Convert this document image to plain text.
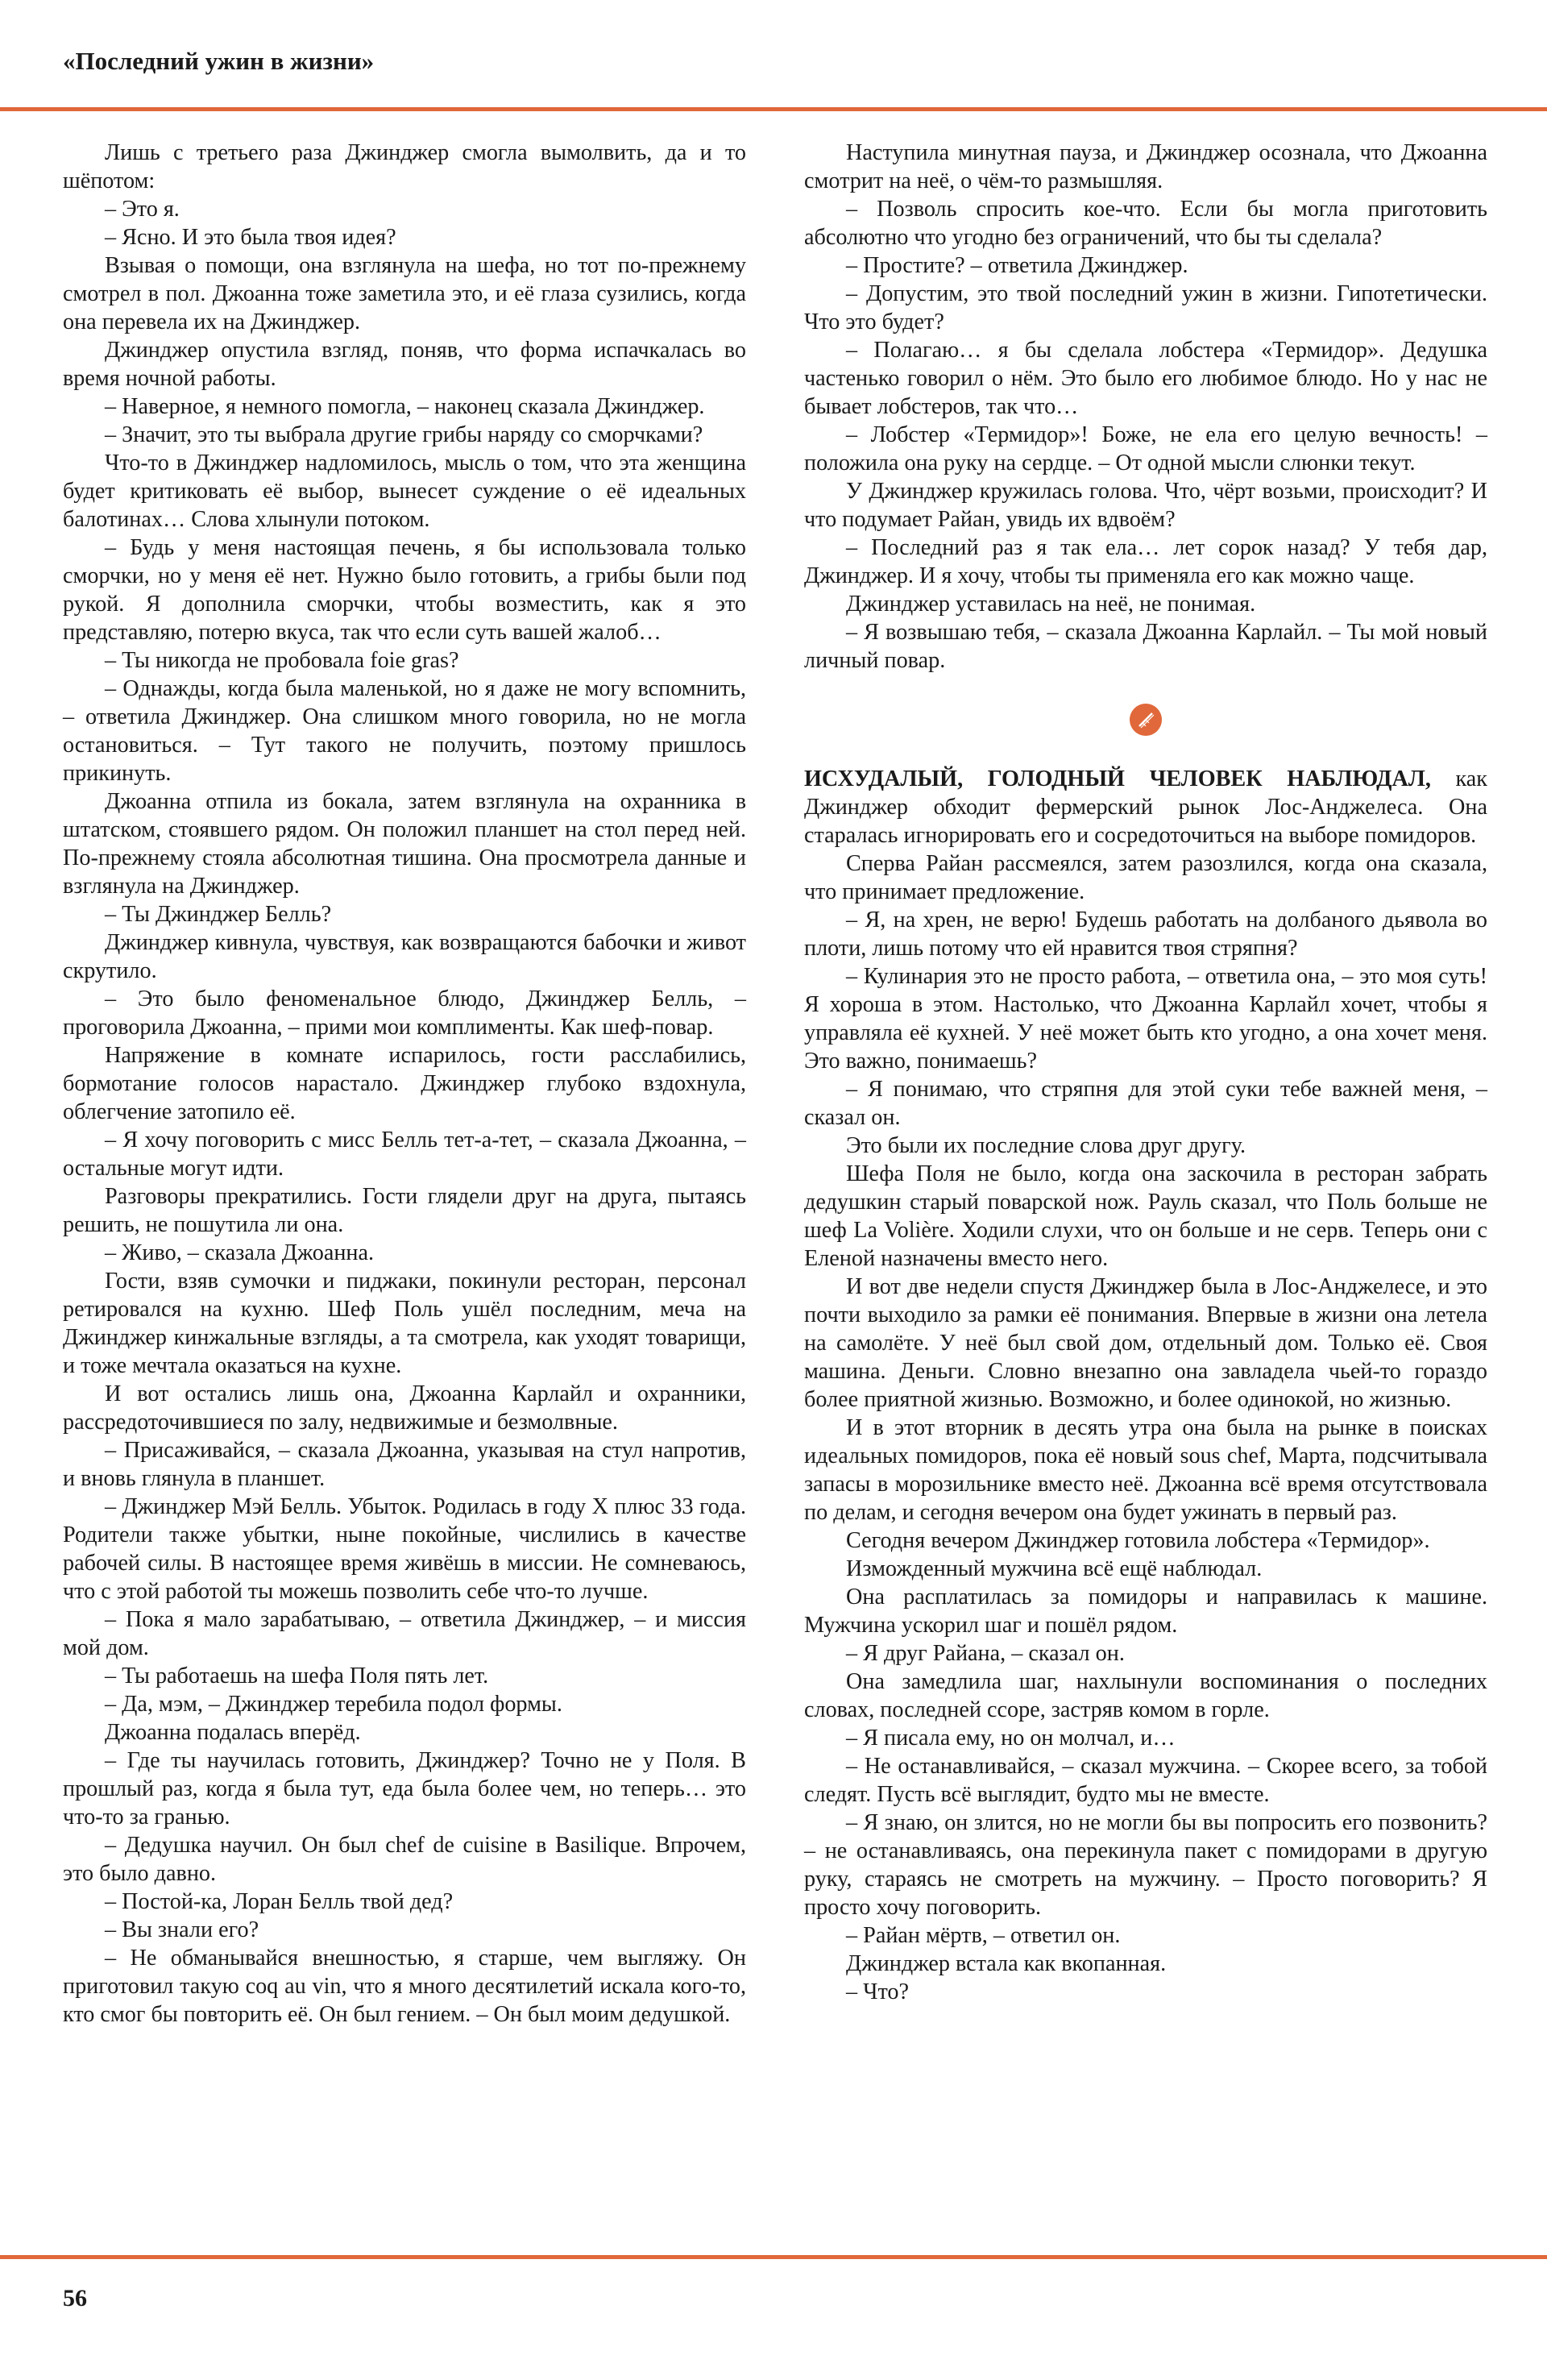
«Последний ужин в жизни»

Лишь с третьего раза Джинджер смогла вымолвить, да и то шёпотом:

– Это я.

– Ясно. И это была твоя идея?

Взывая о помощи, она взглянула на шефа, но тот по-прежнему смотрел в пол. Джоанна тоже заметила это, и её глаза сузились, когда она перевела их на Джинджер.

Джинджер опустила взгляд, поняв, что форма испачкалась во время ночной работы.

– Наверное, я немного помогла, – наконец сказала Джинджер.

– Значит, это ты выбрала другие грибы наряду со сморчками?

Что-то в Джинджер надломилось, мысль о том, что эта женщина будет критиковать её выбор, вынесет суждение о её идеальных балотинах… Слова хлынули потоком.

– Будь у меня настоящая печень, я бы использовала только сморчки, но у меня её нет. Нужно было готовить, а грибы были под рукой. Я дополнила сморчки, чтобы возместить, как я это представляю, потерю вкуса, так что если суть вашей жалоб…

– Ты никогда не пробовала foie gras?

– Однажды, когда была маленькой, но я даже не могу вспомнить, – ответила Джинджер. Она слишком много говорила, но не могла остановиться. – Тут такого не получить, поэтому пришлось прикинуть.

Джоанна отпила из бокала, затем взглянула на охранника в штатском, стоявшего рядом. Он положил планшет на стол перед ней. По-прежнему стояла абсолютная тишина. Она просмотрела данные и взглянула на Джинджер.

– Ты Джинджер Белль?

Джинджер кивнула, чувствуя, как возвращаются бабочки и живот скрутило.

– Это было феноменальное блюдо, Джинджер Белль, – проговорила Джоанна, – прими мои комплименты. Как шеф-повар.

Напряжение в комнате испарилось, гости расслабились, бормотание голосов нарастало. Джинджер глубоко вздохнула, облегчение затопило её.

– Я хочу поговорить с мисс Белль тет-а-тет, – сказала Джоанна, – остальные могут идти.

Разговоры прекратились. Гости глядели друг на друга, пытаясь решить, не пошутила ли она.

– Живо, – сказала Джоанна.

Гости, взяв сумочки и пиджаки, покинули ресторан, персонал ретировался на кухню. Шеф Поль ушёл последним, меча на Джинджер кинжальные взгляды, а та смотрела, как уходят товарищи, и тоже мечтала оказаться на кухне.

И вот остались лишь она, Джоанна Карлайл и охранники, рассредоточившиеся по залу, недвижимые и безмолвные.

– Присаживайся, – сказала Джоанна, указывая на стул напротив, и вновь глянула в планшет.

– Джинджер Мэй Белль. Убыток. Родилась в году Х плюс 33 года. Родители также убытки, ныне покойные, числились в качестве рабочей силы. В настоящее время живёшь в миссии. Не сомневаюсь, что с этой работой ты можешь позволить себе что-то лучше.

– Пока я мало зарабатываю, – ответила Джинджер, – и миссия мой дом.

– Ты работаешь на шефа Поля пять лет.

– Да, мэм, – Джинджер теребила подол формы.

Джоанна подалась вперёд.

– Где ты научилась готовить, Джинджер? Точно не у Поля. В прошлый раз, когда я была тут, еда была более чем, но теперь… это что-то за гранью.

– Дедушка научил. Он был chef de cuisine в Basilique. Впрочем, это было давно.

– Постой-ка, Лоран Белль твой дед?

– Вы знали его?

– Не обманывайся внешностью, я старше, чем выгляжу. Он приготовил такую coq au vin, что я много десятилетий искала кого-то, кто смог бы повторить её. Он был гением. – Он был моим дедушкой.

Наступила минутная пауза, и Джинджер осознала, что Джоанна смотрит на неё, о чём-то размышляя.

– Позволь спросить кое-что. Если бы могла приготовить абсолютно что угодно без ограничений, что бы ты сделала?

– Простите? – ответила Джинджер.

– Допустим, это твой последний ужин в жизни. Гипотетически. Что это будет?

– Полагаю… я бы сделала лобстера «Термидор». Дедушка частенько говорил о нём. Это было его любимое блюдо. Но у нас не бывает лобстеров, так что…

– Лобстер «Термидор»! Боже, не ела его целую вечность! – положила она руку на сердце. – От одной мысли слюнки текут.

У Джинджер кружилась голова. Что, чёрт возьми, происходит? И что подумает Райан, увидь их вдвоём?

– Последний раз я так ела… лет сорок назад? У тебя дар, Джинджер. И я хочу, чтобы ты применяла его как можно чаще.

Джинджер уставилась на неё, не понимая.

– Я возвышаю тебя, – сказала Джоанна Карлайл. – Ты мой новый личный повар.

ИСХУДАЛЫЙ, ГОЛОДНЫЙ ЧЕЛОВЕК НАБЛЮДАЛ, как Джинджер обходит фермерский рынок Лос-Анджелеса. Она старалась игнорировать его и сосредоточиться на выборе помидоров.

Сперва Райан рассмеялся, затем разозлился, когда она сказала, что принимает предложение.

– Я, на хрен, не верю! Будешь работать на долбаного дьявола во плоти, лишь потому что ей нравится твоя стряпня?

– Кулинария это не просто работа, – ответила она, – это моя суть! Я хороша в этом. Настолько, что Джоанна Карлайл хочет, чтобы я управляла её кухней. У неё может быть кто угодно, а она хочет меня. Это важно, понимаешь?

– Я понимаю, что стряпня для этой суки тебе важней меня, – сказал он.

Это были их последние слова друг другу.

Шефа Поля не было, когда она заскочила в ресторан забрать дедушкин старый поварской нож. Рауль сказал, что Поль больше не шеф La Volière. Ходили слухи, что он больше и не серв. Теперь они с Еленой назначены вместо него.

И вот две недели спустя Джинджер была в Лос-Анджелесе, и это почти выходило за рамки её понимания. Впервые в жизни она летела на самолёте. У неё был свой дом, отдельный дом. Только её. Своя машина. Деньги. Словно внезапно она завладела чьей-то гораздо более приятной жизнью. Возможно, и более одинокой, но жизнью.

И в этот вторник в десять утра она была на рынке в поисках идеальных помидоров, пока её новый sous chef, Марта, подсчитывала запасы в морозильнике вместо неё. Джоанна всё время отсутствовала по делам, и сегодня вечером она будет ужинать в первый раз.

Сегодня вечером Джинджер готовила лобстера «Термидор».

Изможденный мужчина всё ещё наблюдал.

Она расплатилась за помидоры и направилась к машине. Мужчина ускорил шаг и пошёл рядом.

– Я друг Райана, – сказал он.

Она замедлила шаг, нахлынули воспоминания о последних словах, последней ссоре, застряв комом в горле.

– Я писала ему, но он молчал, и…

– Не останавливайся, – сказал мужчина. – Скорее всего, за тобой следят. Пусть всё выглядит, будто мы не вместе.

– Я знаю, он злится, но не могли бы вы попросить его позвонить? – не останавливаясь, она перекинула пакет с помидорами в другую руку, стараясь не смотреть на мужчину. – Просто поговорить? Я просто хочу поговорить.

– Райан мёртв, – ответил он.

Джинджер встала как вкопанная.

– Что?

56
